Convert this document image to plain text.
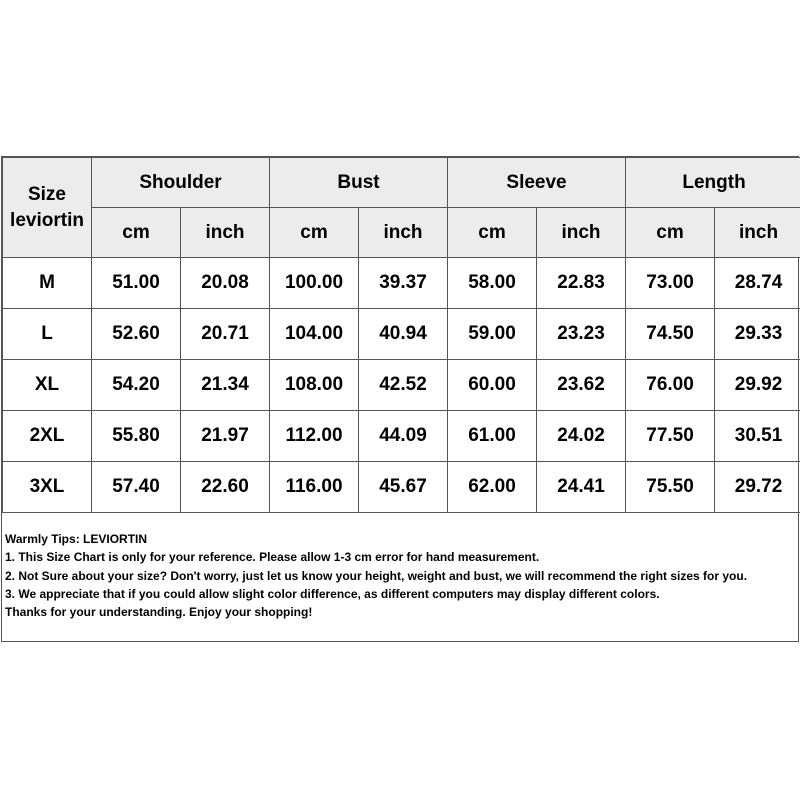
Size
leviortin	Shoulder		Bust		Sleeve		Length	
	cm	inch	cm	inch	cm	inch	cm	inch
M	51.00	20.08	100.00	39.37	58.00	22.83	73.00	28.74
L	52.60	20.71	104.00	40.94	59.00	23.23	74.50	29.33
XL	54.20	21.34	108.00	42.52	60.00	23.62	76.00	29.92
2XL	55.80	21.97	112.00	44.09	61.00	24.02	77.50	30.51
3XL	57.40	22.60	116.00	45.67	62.00	24.41	75.50	29.72
Warmly Tips: LEVIORTIN
1. This Size Chart is only for your reference. Please allow 1-3 cm error for hand measurement.
2. Not Sure about your size? Don't worry, just let us know your height, weight and bust, we will recommend the right sizes for you.
3. We appreciate that if you could allow slight color difference, as different computers may display different colors.
Thanks for your understanding. Enjoy your shopping!
